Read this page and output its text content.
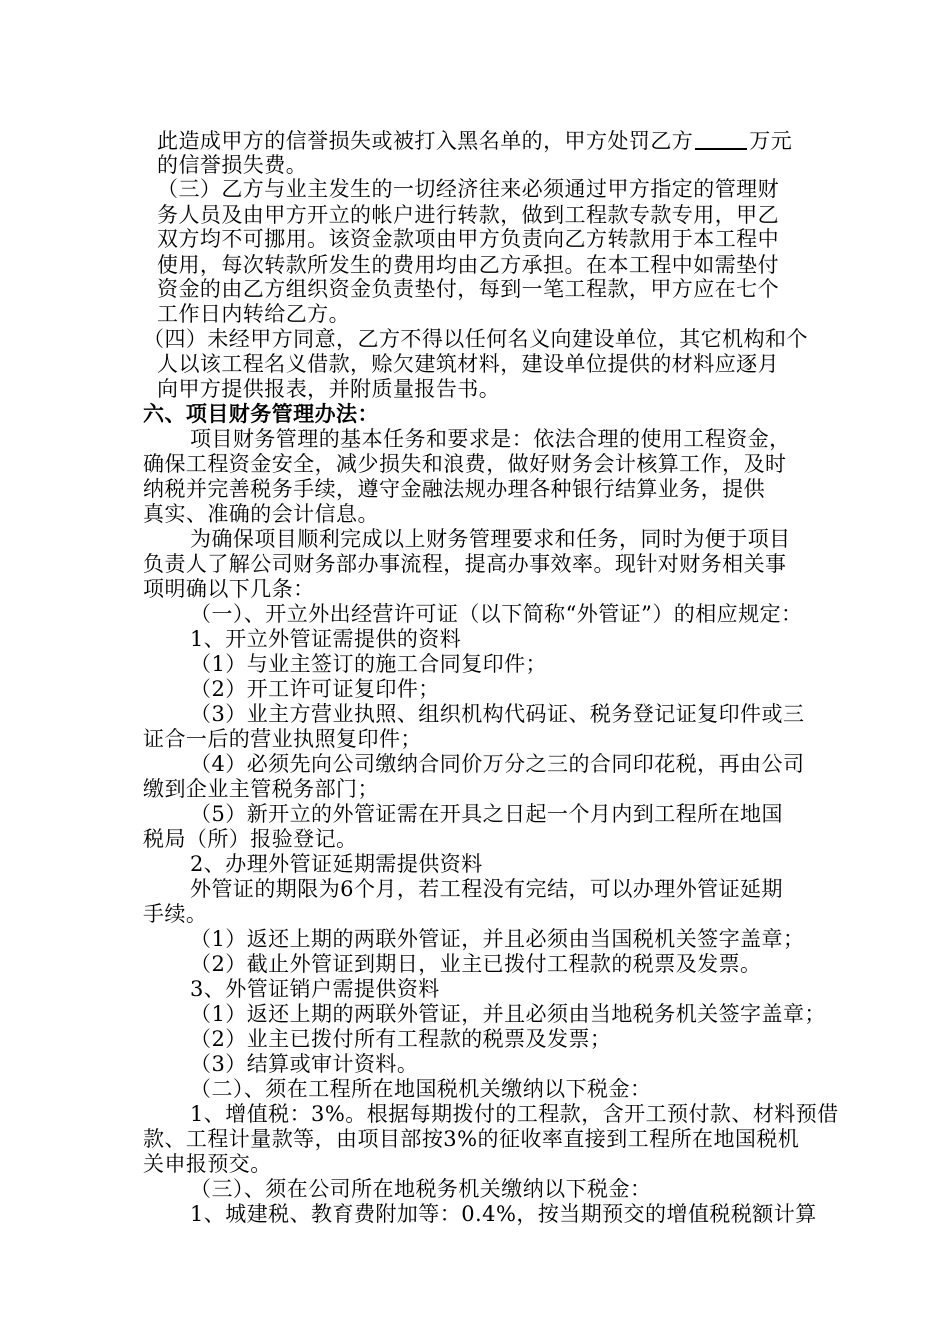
此造成甲方的信誉损失或被打入黑名单的，甲方处罚乙方	万元
的信誉损失费。
（三）乙方与业主发生的一切经济往来必须通过甲方指定的管理财
务人员及由甲方开立的帐户进行转款，做到工程款专款专用，甲乙
双方均不可挪用。该资金款项由甲方负责向乙方转款用于本工程中
使用，每次转款所发生的费用均由乙方承担。在本工程中如需垫付
资金的由乙方组织资金负责垫付，每到一笔工程款，甲方应在七个
工作日内转给乙方。
（四）未经甲方同意，乙方不得以任何名义向建设单位，其它机构和个
人以该工程名义借款，赊欠建筑材料，建设单位提供的材料应逐月
向甲方提供报表，并附质量报告书。
六、项目财务管理办法：
项目财务管理的基本任务和要求是：依法合理的使用工程资金，
确保工程资金安全，减少损失和浪费，做好财务会计核算工作，及时
纳税并完善税务手续，遵守金融法规办理各种银行结算业务，提供
真实、准确的会计信息。
为确保项目顺利完成以上财务管理要求和任务，同时为便于项目
负责人了解公司财务部办事流程，提高办事效率。现针对财务相关事
项明确以下几条：
（一）、开立外出经营许可证（以下简称“外管证”）的相应规定：
1、开立外管证需提供的资料
（1）与业主签订的施工合同复印件；
（2）开工许可证复印件；
（3）业主方营业执照、组织机构代码证、税务登记证复印件或三
证合一后的营业执照复印件；
（4）必须先向公司缴纳合同价万分之三的合同印花税，再由公司
缴到企业主管税务部门；
（5）新开立的外管证需在开具之日起一个月内到工程所在地国
税局（所）报验登记。
2、办理外管证延期需提供资料
外管证的期限为6个月，若工程没有完结，可以办理外管证延期
手续。
（1）返还上期的两联外管证，并且必须由当国税机关签字盖章；
（2）截止外管证到期日，业主已拨付工程款的税票及发票。
3、外管证销户需提供资料
（1）返还上期的两联外管证，并且必须由当地税务机关签字盖章；
（2）业主已拨付所有工程款的税票及发票；
（3）结算或审计资料。
（二）、须在工程所在地国税机关缴纳以下税金：
1、增值税：3%。根据每期拨付的工程款，含开工预付款、材料预借
款、工程计量款等，由项目部按3%的征收率直接到工程所在地国税机
关申报预交。
（三）、须在公司所在地税务机关缴纳以下税金：
1、城建税、教育费附加等：0.4%，按当期预交的增值税税额计算
